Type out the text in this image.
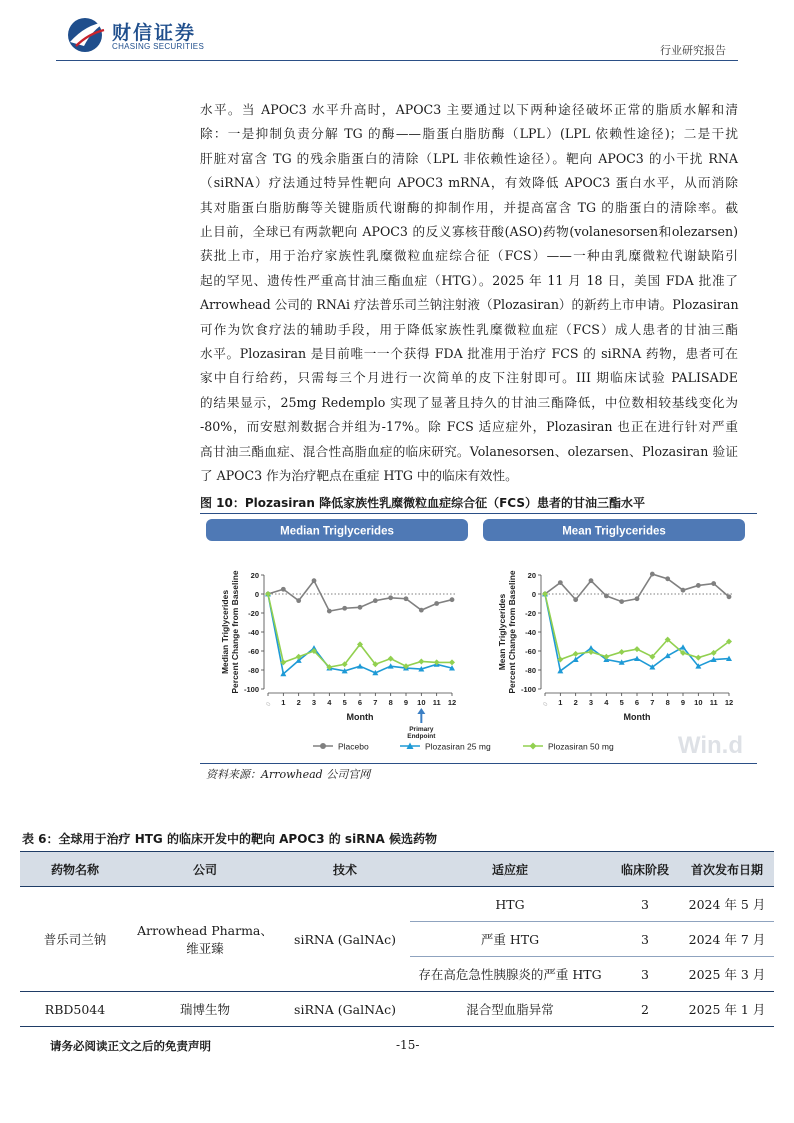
财信证券
CHASING SECURITIES	行业研究报告
水平。当 APOC3 水平升高时，APOC3 主要通过以下两种途径破坏正常的脂质水解和清
除：一是抑制负责分解 TG 的酶——脂蛋白脂肪酶（LPL）(LPL 依赖性途径)；二是干扰
肝脏对富含 TG 的残余脂蛋白的清除（LPL 非依赖性途径）。靶向 APOC3 的小干扰 RNA
（siRNA）疗法通过特异性靶向 APOC3 mRNA，有效降低 APOC3 蛋白水平，从而消除
其对脂蛋白脂肪酶等关键脂质代谢酶的抑制作用，并提高富含 TG 的脂蛋白的清除率。截
止目前，全球已有两款靶向 APOC3 的反义寡核苷酸(ASO)药物(volanesorsen和olezarsen)
获批上市，用于治疗家族性乳糜微粒血症综合征（FCS）——一种由乳糜微粒代谢缺陷引
起的罕见、遗传性严重高甘油三酯血症（HTG）。2025 年 11 月 18 日，美国 FDA 批准了
Arrowhead 公司的 RNAi 疗法普乐司兰钠注射液（Plozasiran）的新药上市申请。Plozasiran
可作为饮食疗法的辅助手段，用于降低家族性乳糜微粒血症（FCS）成人患者的甘油三酯
水平。Plozasiran 是目前唯一一个获得 FDA 批准用于治疗 FCS 的 siRNA 药物，患者可在
家中自行给药，只需每三个月进行一次简单的皮下注射即可。III 期临床试验 PALISADE
的结果显示，25mg Redemplo 实现了显著且持久的甘油三酯降低，中位数相较基线变化为
-80%，而安慰剂数据合并组为-17%。除 FCS 适应症外，Plozasiran 也正在进行针对严重
高甘油三酯血症、混合性高脂血症的临床研究。Volanesorsen、olezarsen、Plozasiran 验证
了 APOC3 作为治疗靶点在重症 HTG 中的临床有效性。
图 10：Plozasiran 降低家族性乳糜微粒血症综合征（FCS）患者的甘油三酯水平
Median Triglycerides
Median Triglycerides Percent Change from Baseline 20
0
-20
-40
-60
-80
-100
0 1 2 3 4 5 6 7 8 9 10 11 12
Month
Primary
Endpoint
Mean Triglycerides
Mean Triglycerides Percent Change from Baseline 20
0
-20
-40
-60
-80
-100
0 1 2 3 4 5 6 7 8 9 10 11 12
Month
Placebo	Plozasiran 25 mg	Plozasiran 50 mg	Win.d
资料来源：Arrowhead 公司官网
表 6：全球用于治疗 HTG 的临床开发中的靶向 APOC3 的 siRNA 候选药物
药物名称	公司	技术	适应症	临床阶段	首次发布日期
普乐司兰钠	Arrowhead Pharma、
维亚臻	siRNA (GalNAc)	HTG	3	2024 年 5 月
			严重 HTG	3	2024 年 7 月
			存在高危急性胰腺炎的严重 HTG	3	2025 年 3 月
RBD5044	瑞博生物	siRNA (GalNAc)	混合型血脂异常	2	2025 年 1 月
请务必阅读正文之后的免责声明	-15-
